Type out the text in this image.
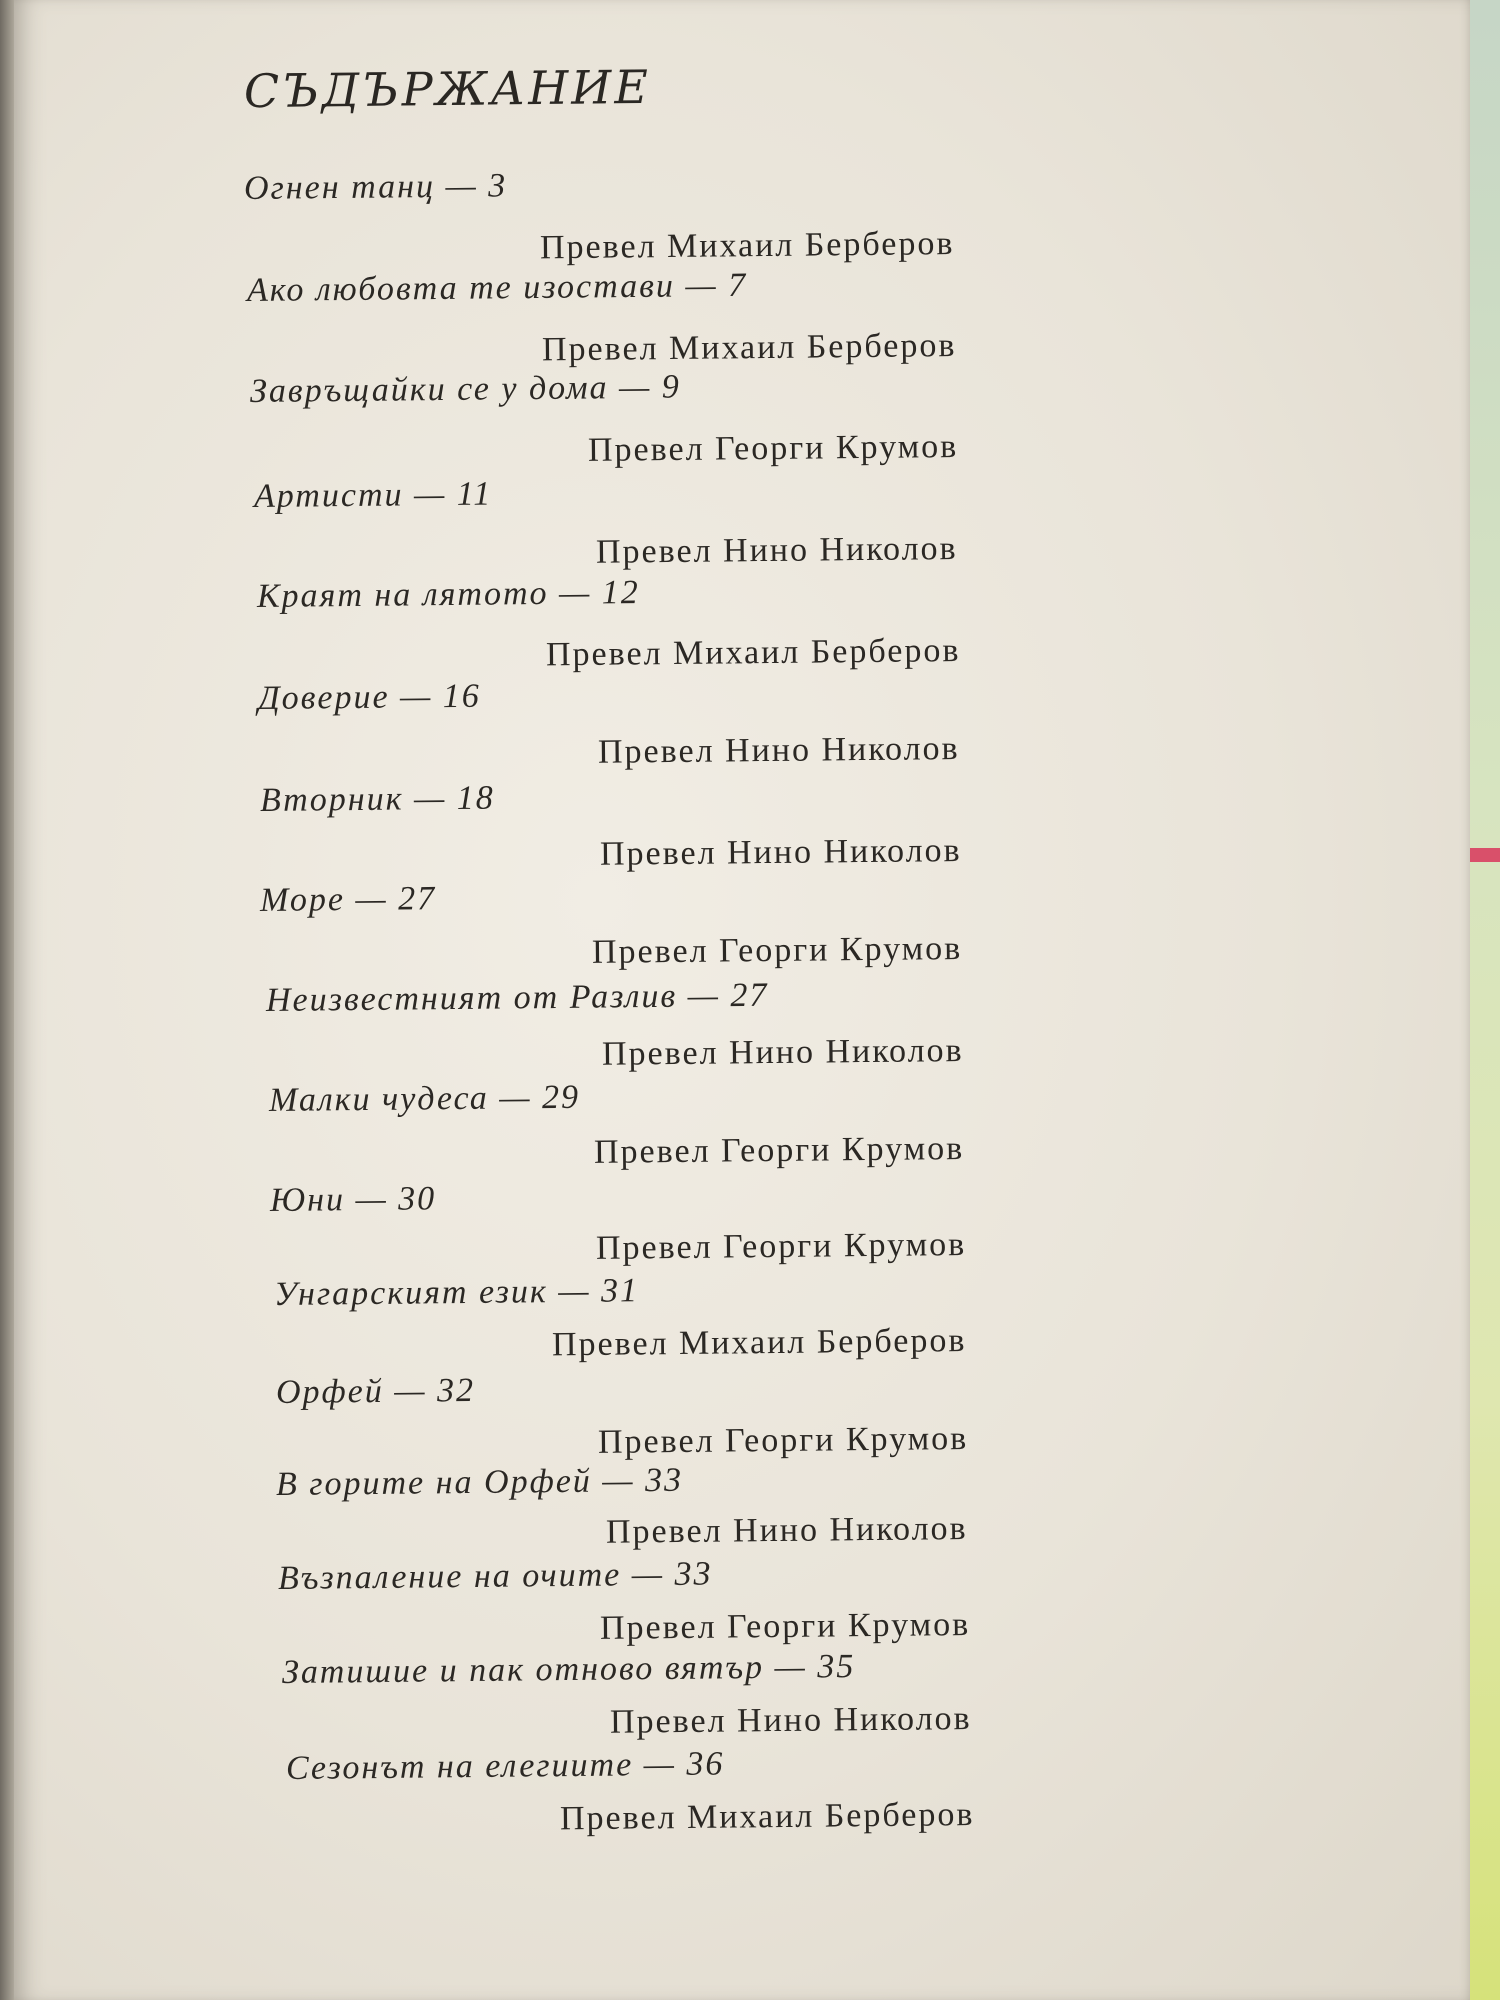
СЪДЪРЖАНИЕ
Огнен танц — 3
Превел Михаил Берберов
Ако любовта те изостави — 7
Превел Михаил Берберов
Завръщайки се у дома — 9
Превел Георги Крумов
Артисти — 11
Превел Нино Николов
Краят на лятото — 12
Превел Михаил Берберов
Доверие — 16
Превел Нино Николов
Вторник — 18
Превел Нино Николов
Море — 27
Превел Георги Крумов
Неизвестният от Разлив — 27
Превел Нино Николов
Малки чудеса — 29
Превел Георги Крумов
Юни — 30
Превел Георги Крумов
Унгарският език — 31
Превел Михаил Берберов
Орфей — 32
Превел Георги Крумов
В горите на Орфей — 33
Превел Нино Николов
Възпаление на очите — 33
Превел Георги Крумов
Затишие и пак отново вятър — 35
Превел Нино Николов
Сезонът на елегиите — 36
Превел Михаил Берберов
